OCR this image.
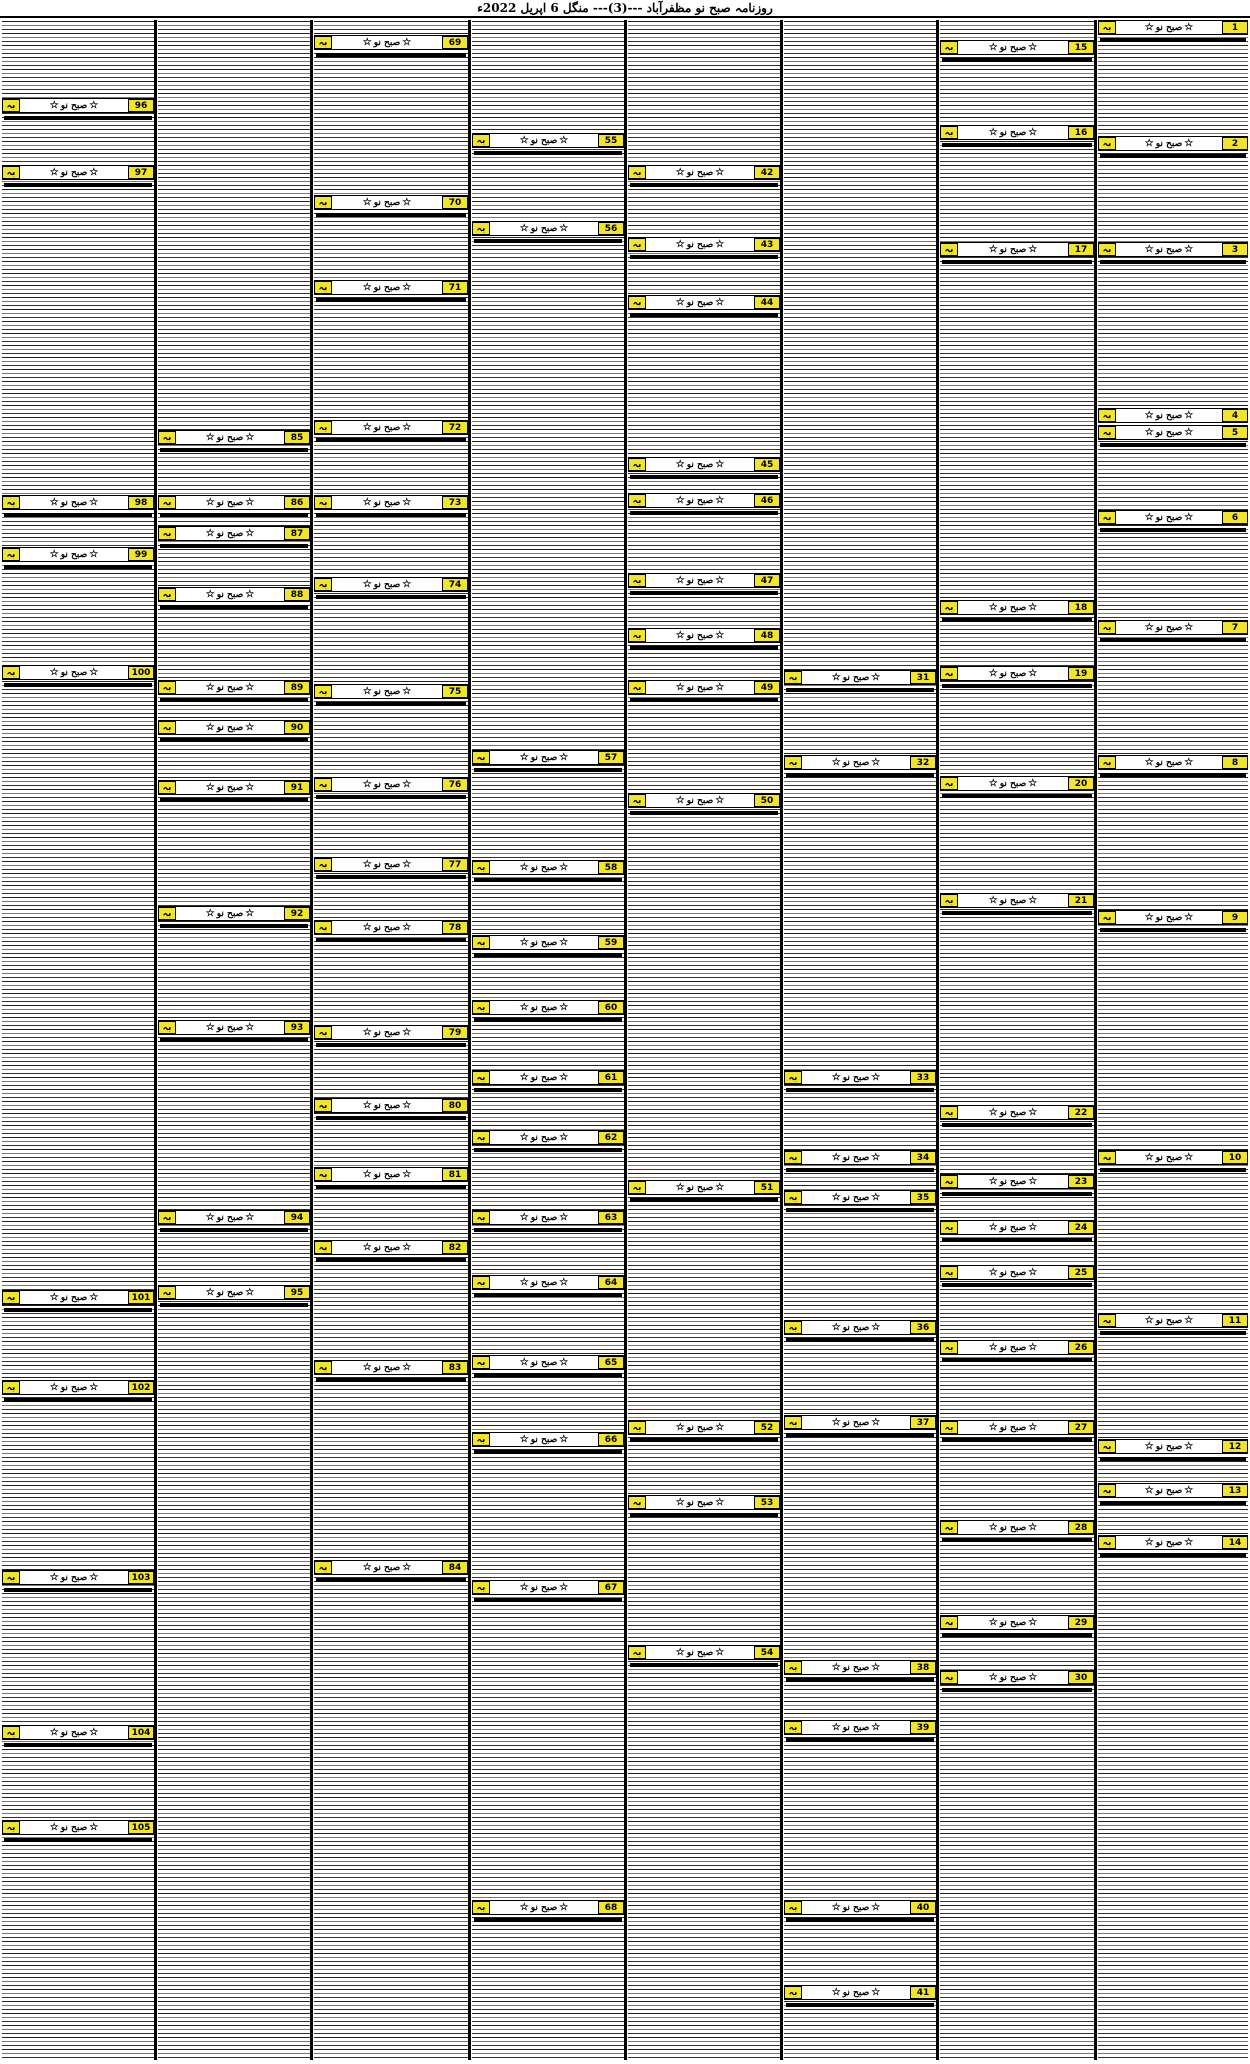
روزنامہ صبح نو مظفرآباد ---(3)--- منگل 6 اپریل 2022ء
بہ	☆صبح نو☆	1
بہ	☆صبح نو☆	2
بہ	☆صبح نو☆	3
بہ	☆صبح نو☆	4
بہ	☆صبح نو☆	5
بہ	☆صبح نو☆	6
بہ	☆صبح نو☆	7
بہ	☆صبح نو☆	8
بہ	☆صبح نو☆	9
بہ	☆صبح نو☆	10
بہ	☆صبح نو☆	11
بہ	☆صبح نو☆	12
بہ	☆صبح نو☆	13
بہ	☆صبح نو☆	14
بہ	☆صبح نو☆	15
بہ	☆صبح نو☆	16
بہ	☆صبح نو☆	17
بہ	☆صبح نو☆	18
بہ	☆صبح نو☆	19
بہ	☆صبح نو☆	20
بہ	☆صبح نو☆	21
بہ	☆صبح نو☆	22
بہ	☆صبح نو☆	23
بہ	☆صبح نو☆	24
بہ	☆صبح نو☆	25
بہ	☆صبح نو☆	26
بہ	☆صبح نو☆	27
بہ	☆صبح نو☆	28
بہ	☆صبح نو☆	29
بہ	☆صبح نو☆	30
بہ	☆صبح نو☆	31
بہ	☆صبح نو☆	32
بہ	☆صبح نو☆	33
بہ	☆صبح نو☆	34
بہ	☆صبح نو☆	35
بہ	☆صبح نو☆	36
بہ	☆صبح نو☆	37
بہ	☆صبح نو☆	38
بہ	☆صبح نو☆	39
بہ	☆صبح نو☆	40
بہ	☆صبح نو☆	41
بہ	☆صبح نو☆	42
بہ	☆صبح نو☆	43
بہ	☆صبح نو☆	44
بہ	☆صبح نو☆	45
بہ	☆صبح نو☆	46
بہ	☆صبح نو☆	47
بہ	☆صبح نو☆	48
بہ	☆صبح نو☆	49
بہ	☆صبح نو☆	50
بہ	☆صبح نو☆	51
بہ	☆صبح نو☆	52
بہ	☆صبح نو☆	53
بہ	☆صبح نو☆	54
بہ	☆صبح نو☆	55
بہ	☆صبح نو☆	56
بہ	☆صبح نو☆	57
بہ	☆صبح نو☆	58
بہ	☆صبح نو☆	59
بہ	☆صبح نو☆	60
بہ	☆صبح نو☆	61
بہ	☆صبح نو☆	62
بہ	☆صبح نو☆	63
بہ	☆صبح نو☆	64
بہ	☆صبح نو☆	65
بہ	☆صبح نو☆	66
بہ	☆صبح نو☆	67
بہ	☆صبح نو☆	68
بہ	☆صبح نو☆	69
بہ	☆صبح نو☆	70
بہ	☆صبح نو☆	71
بہ	☆صبح نو☆	72
بہ	☆صبح نو☆	73
بہ	☆صبح نو☆	74
بہ	☆صبح نو☆	75
بہ	☆صبح نو☆	76
بہ	☆صبح نو☆	77
بہ	☆صبح نو☆	78
بہ	☆صبح نو☆	79
بہ	☆صبح نو☆	80
بہ	☆صبح نو☆	81
بہ	☆صبح نو☆	82
بہ	☆صبح نو☆	83
بہ	☆صبح نو☆	84
بہ	☆صبح نو☆	85
بہ	☆صبح نو☆	86
بہ	☆صبح نو☆	87
بہ	☆صبح نو☆	88
بہ	☆صبح نو☆	89
بہ	☆صبح نو☆	90
بہ	☆صبح نو☆	91
بہ	☆صبح نو☆	92
بہ	☆صبح نو☆	93
بہ	☆صبح نو☆	94
بہ	☆صبح نو☆	95
بہ	☆صبح نو☆	96
بہ	☆صبح نو☆	97
بہ	☆صبح نو☆	98
بہ	☆صبح نو☆	99
بہ	☆صبح نو☆	100
بہ	☆صبح نو☆	101
بہ	☆صبح نو☆	102
بہ	☆صبح نو☆	103
بہ	☆صبح نو☆	104
بہ	☆صبح نو☆	105
